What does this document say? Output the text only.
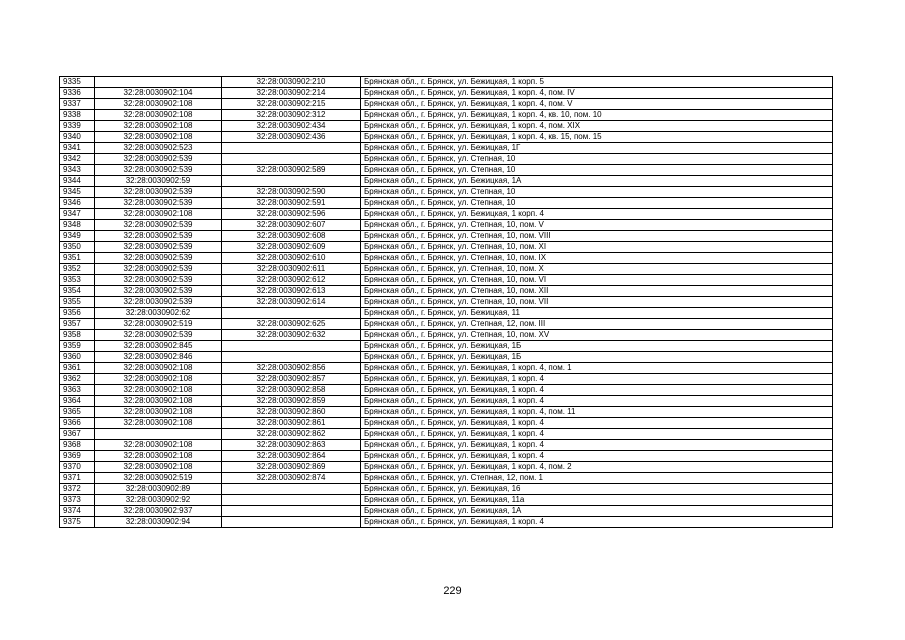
9335		32:28:0030902:210	Брянская обл., г. Брянск, ул. Бежицкая, 1 корп. 5
9336	32:28:0030902:104	32:28:0030902:214	Брянская обл., г. Брянск, ул. Бежицкая, 1 корп. 4, пом. IV
9337	32:28:0030902:108	32:28:0030902:215	Брянская обл., г. Брянск, ул. Бежицкая, 1 корп. 4, пом. V
9338	32:28:0030902:108	32:28:0030902:312	Брянская обл., г. Брянск, ул. Бежицкая, 1 корп. 4, кв. 10, пом. 10
9339	32:28:0030902:108	32:28:0030902:434	Брянская обл., г. Брянск, ул. Бежицкая, 1 корп. 4, пом. XIX
9340	32:28:0030902:108	32:28:0030902:436	Брянская обл., г. Брянск, ул. Бежицкая, 1 корп. 4, кв. 15, пом. 15
9341	32:28:0030902:523		Брянская обл., г. Брянск, ул. Бежицкая, 1Г
9342	32:28:0030902:539		Брянская обл., г. Брянск, ул. Степная, 10
9343	32:28:0030902:539	32:28:0030902:589	Брянская обл., г. Брянск, ул. Степная, 10
9344	32:28:0030902:59		Брянская обл., г. Брянск, ул. Бежицкая, 1А
9345	32:28:0030902:539	32:28:0030902:590	Брянская обл., г. Брянск, ул. Степная, 10
9346	32:28:0030902:539	32:28:0030902:591	Брянская обл., г. Брянск, ул. Степная, 10
9347	32:28:0030902:108	32:28:0030902:596	Брянская обл., г. Брянск, ул. Бежицкая, 1 корп. 4
9348	32:28:0030902:539	32:28:0030902:607	Брянская обл., г. Брянск, ул. Степная, 10, пом. V
9349	32:28:0030902:539	32:28:0030902:608	Брянская обл., г. Брянск, ул. Степная, 10, пом. VIII
9350	32:28:0030902:539	32:28:0030902:609	Брянская обл., г. Брянск, ул. Степная, 10, пом. XI
9351	32:28:0030902:539	32:28:0030902:610	Брянская обл., г. Брянск, ул. Степная, 10, пом. IX
9352	32:28:0030902:539	32:28:0030902:611	Брянская обл., г. Брянск, ул. Степная, 10, пом. X
9353	32:28:0030902:539	32:28:0030902:612	Брянская обл., г. Брянск, ул. Степная, 10, пом. VI
9354	32:28:0030902:539	32:28:0030902:613	Брянская обл., г. Брянск, ул. Степная, 10, пом. XII
9355	32:28:0030902:539	32:28:0030902:614	Брянская обл., г. Брянск, ул. Степная, 10, пом. VII
9356	32:28:0030902:62		Брянская обл., г. Брянск, ул. Бежицкая, 11
9357	32:28:0030902:519	32:28:0030902:625	Брянская обл., г. Брянск, ул. Степная, 12, пом. III
9358	32:28:0030902:539	32:28:0030902:632	Брянская обл., г. Брянск, ул. Степная, 10, пом. XV
9359	32:28:0030902:845		Брянская обл., г. Брянск, ул. Бежицкая, 1Б
9360	32:28:0030902:846		Брянская обл., г. Брянск, ул. Бежицкая, 1Б
9361	32:28:0030902:108	32:28:0030902:856	Брянская обл., г. Брянск, ул. Бежицкая, 1 корп. 4, пом. 1
9362	32:28:0030902:108	32:28:0030902:857	Брянская обл., г. Брянск, ул. Бежицкая, 1 корп. 4
9363	32:28:0030902:108	32:28:0030902:858	Брянская обл., г. Брянск, ул. Бежицкая, 1 корп. 4
9364	32:28:0030902:108	32:28:0030902:859	Брянская обл., г. Брянск, ул. Бежицкая, 1 корп. 4
9365	32:28:0030902:108	32:28:0030902:860	Брянская обл., г. Брянск, ул. Бежицкая, 1 корп. 4, пом. 11
9366	32:28:0030902:108	32:28:0030902:861	Брянская обл., г. Брянск, ул. Бежицкая, 1 корп. 4
9367		32:28:0030902:862	Брянская обл., г. Брянск, ул. Бежицкая, 1 корп. 4
9368	32:28:0030902:108	32:28:0030902:863	Брянская обл., г. Брянск, ул. Бежицкая, 1 корп. 4
9369	32:28:0030902:108	32:28:0030902:864	Брянская обл., г. Брянск, ул. Бежицкая, 1 корп. 4
9370	32:28:0030902:108	32:28:0030902:869	Брянская обл., г. Брянск, ул. Бежицкая, 1 корп. 4, пом. 2
9371	32:28:0030902:519	32:28:0030902:874	Брянская обл., г. Брянск, ул. Степная, 12, пом. 1
9372	32:28:0030902:89		Брянская обл., г. Брянск, ул. Бежицкая, 16
9373	32:28:0030902:92		Брянская обл., г. Брянск, ул. Бежицкая, 11а
9374	32:28:0030902:937		Брянская обл., г. Брянск, ул. Бежицкая, 1А
9375	32:28:0030902:94		Брянская обл., г. Брянск, ул. Бежицкая, 1 корп. 4
229
